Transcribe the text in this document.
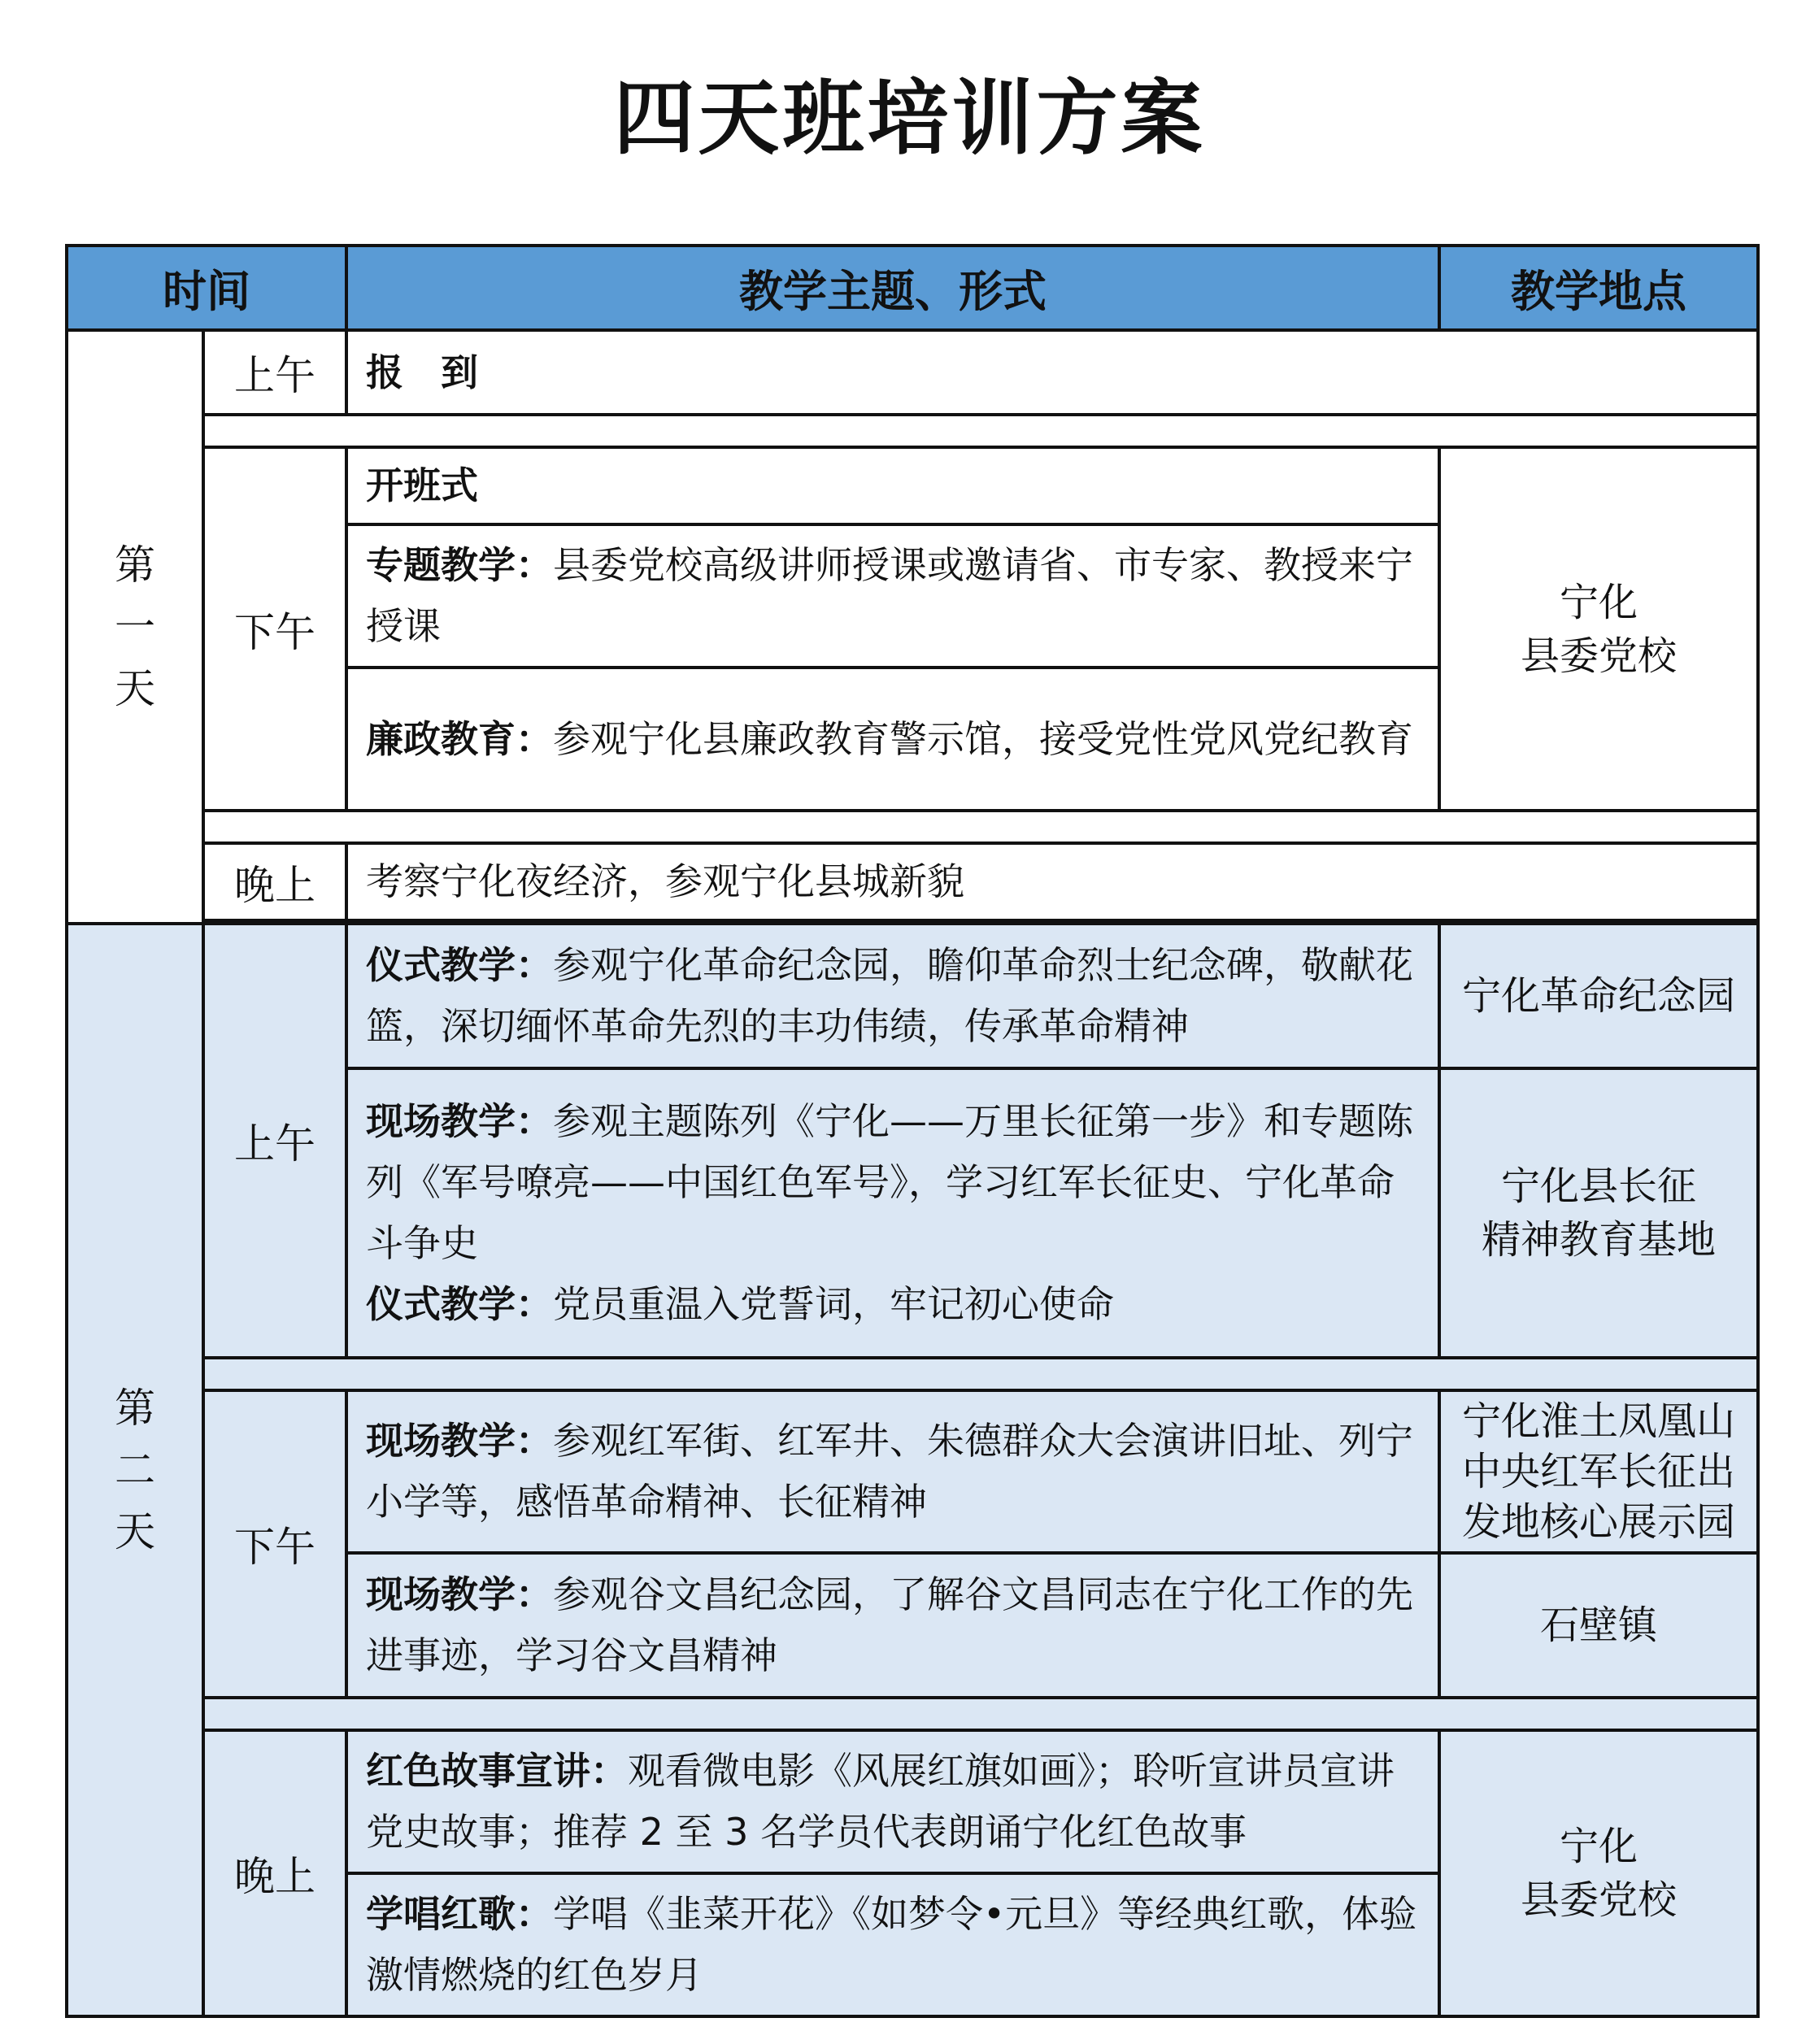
四天班培训方案
时间		教学主题、形式	教学地点

第
一
天	上午	报　到	

	下午	开班式	宁化
县委党校

		专题教学：县委党校高级讲师授课或邀请省、市专家、教授来宁授课	
		廉政教育：参观宁化县廉政教育警示馆，接受党性党风党纪教育	

	晚上	考察宁化夜经济，参观宁化县城新貌	

第
二
天	上午	仪式教学：参观宁化革命纪念园，瞻仰革命烈士纪念碑，敬献花篮，深切缅怀革命先烈的丰功伟绩，传承革命精神	宁化革命纪念园
		现场教学：参观主题陈列《宁化——万里长征第一步》和专题陈列《军号嘹亮——中国红色军号》，学习红军长征史、宁化革命斗争史
仪式教学：党员重温入党誓词，牢记初心使命	宁化县长征
精神教育基地

	下午	现场教学：参观红军街、红军井、朱德群众大会演讲旧址、列宁小学等，感悟革命精神、长征精神	宁化淮土凤凰山
中央红军长征出
发地核心展示园

		现场教学：参观谷文昌纪念园，了解谷文昌同志在宁化工作的先进事迹，学习谷文昌精神	石壁镇

	晚上	红色故事宣讲：观看微电影《风展红旗如画》；聆听宣讲员宣讲党史故事；推荐 2 至 3 名学员代表朗诵宁化红色故事	宁化
县委党校

		学唱红歌：学唱《韭菜开花》《如梦令•元旦》等经典红歌，体验激情燃烧的红色岁月	
